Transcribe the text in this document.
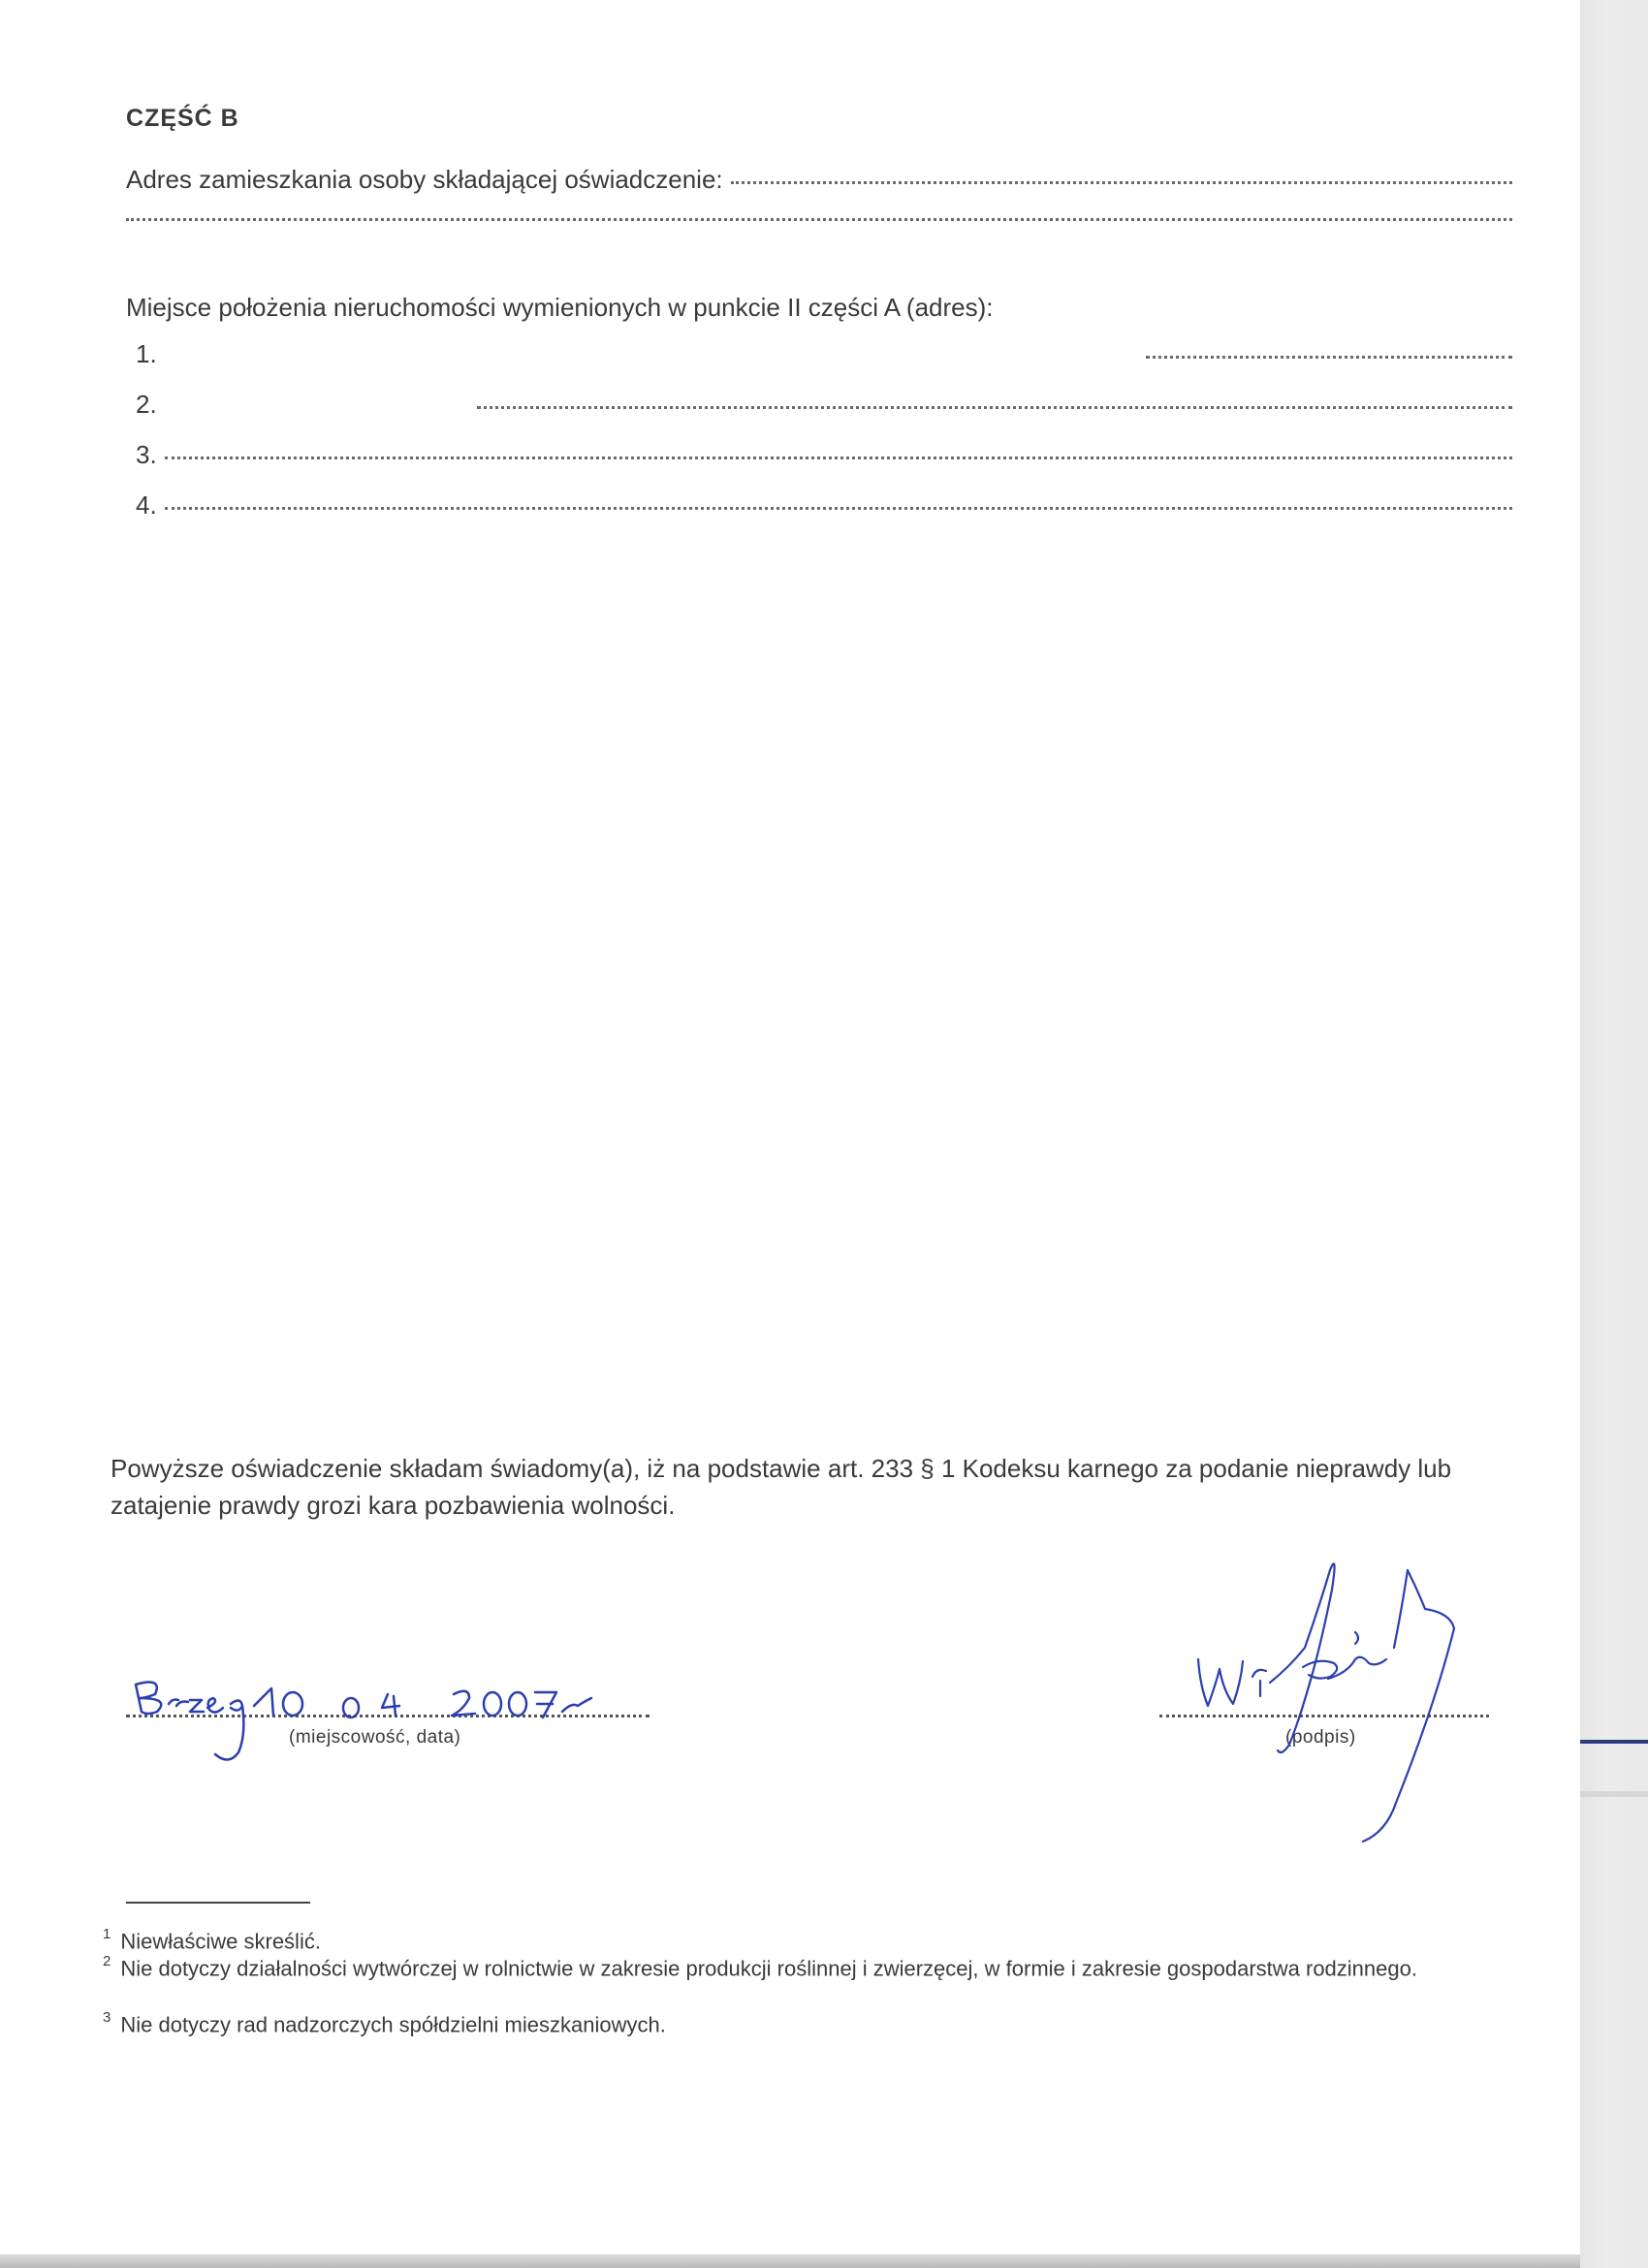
CZĘŚĆ B
Adres zamieszkania osoby składającej oświadczenie:
Miejsce położenia nieruchomości wymienionych w punkcie II części A (adres):
1.
2.
3.
4.
Powyższe oświadczenie składam świadomy(a), iż na podstawie art. 233 § 1 Kodeksu karnego za podanie nieprawdy lub zatajenie prawdy grozi kara pozbawienia wolności.
(miejscowość, data)	(podpis)
$^1$ Niewłaściwe skreślić.
$^2$ Nie dotyczy działalności wytwórczej w rolnictwie w zakresie produkcji roślinnej i zwierzęcej, w formie i zakresie gospodarstwa rodzinnego.
$^3$ Nie dotyczy rad nadzorczych spółdzielni mieszkaniowych.
